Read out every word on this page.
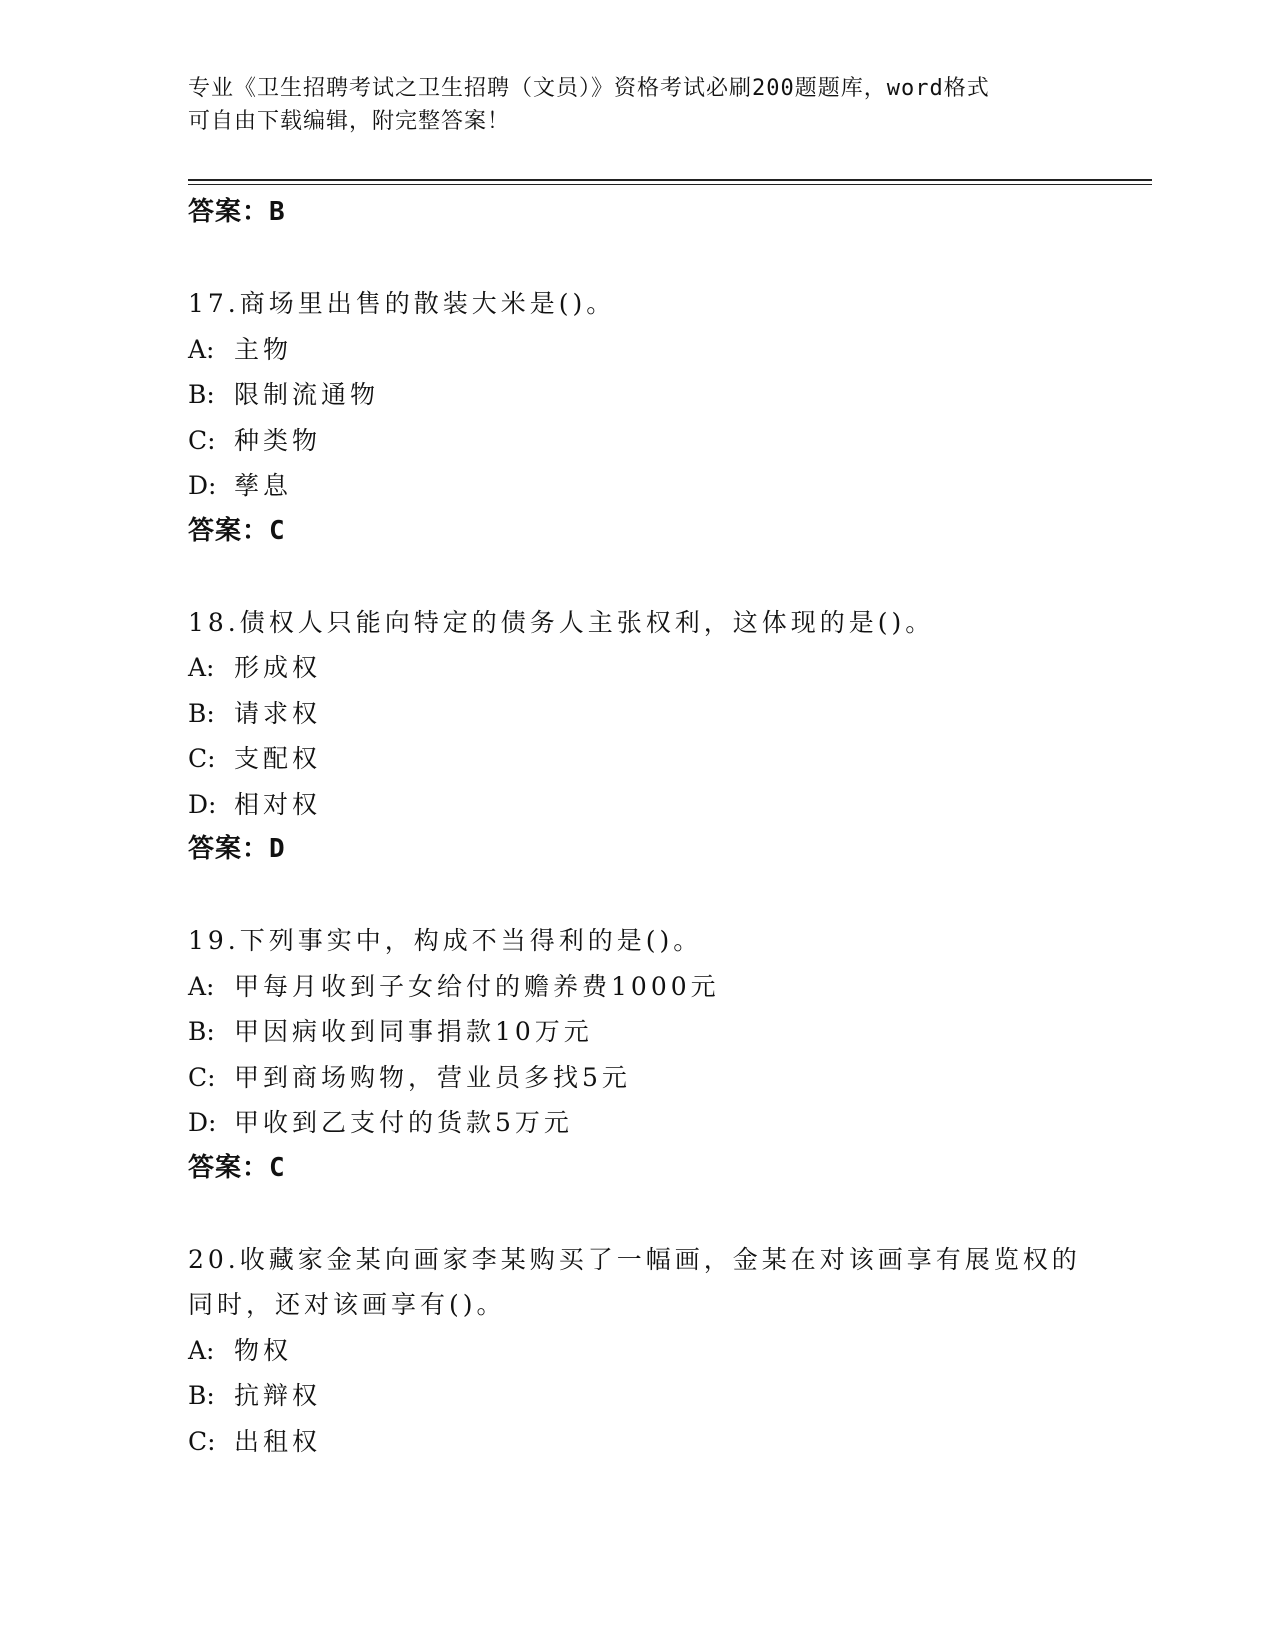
专业《卫生招聘考试之卫生招聘（文员）》资格考试必刷200题题库，word格式
可自由下载编辑，附完整答案！
答案：B
17.商场里出售的散装大米是()。
A: 主物
B: 限制流通物
C: 种类物
D: 孳息
答案：C
18.债权人只能向特定的债务人主张权利，这体现的是()。
A: 形成权
B: 请求权
C: 支配权
D: 相对权
答案：D
19.下列事实中，构成不当得利的是()。
A: 甲每月收到子女给付的赡养费1000元
B: 甲因病收到同事捐款10万元
C: 甲到商场购物，营业员多找5元
D: 甲收到乙支付的货款5万元
答案：C
20.收藏家金某向画家李某购买了一幅画，金某在对该画享有展览权的
同时，还对该画享有()。
A: 物权
B: 抗辩权
C: 出租权
